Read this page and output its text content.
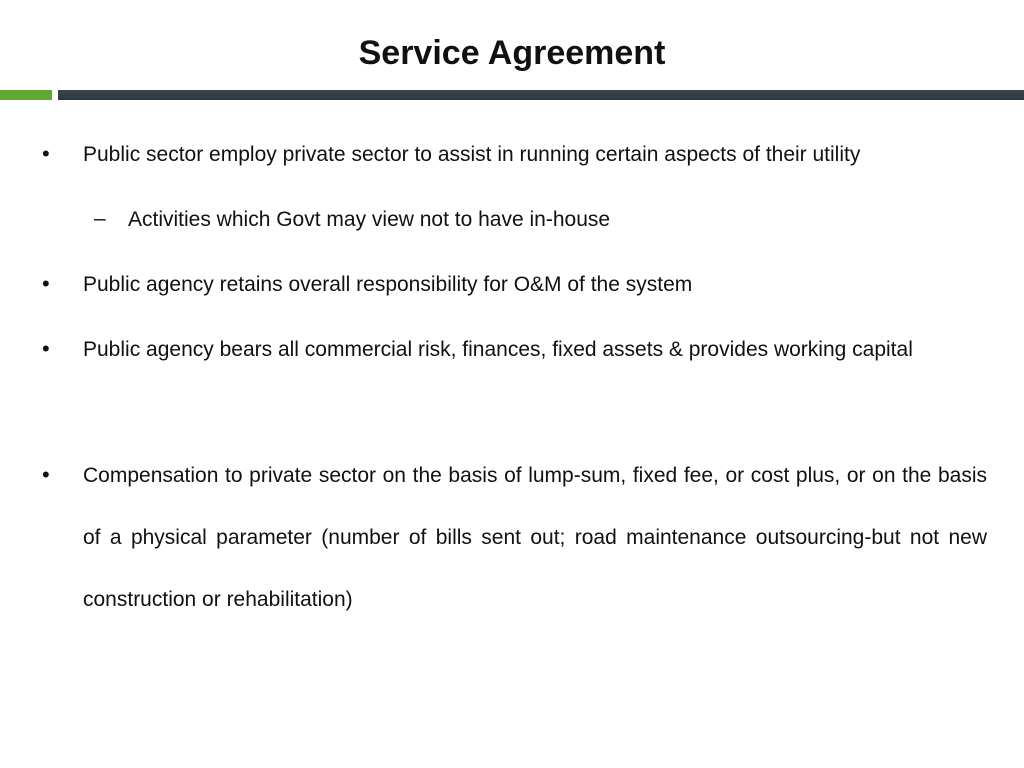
Service Agreement
• Public sector employ private sector to assist in running certain aspects of their utility
– Activities which Govt may view not to have in-house
• Public agency retains overall responsibility for O&M of the system
• Public agency bears all commercial risk, finances, fixed assets & provides working capital
• Compensation to private sector on the basis of lump-sum, fixed fee, or cost plus, or on the basis of a physical parameter (number of bills sent out; road maintenance outsourcing-but not new construction or rehabilitation)
